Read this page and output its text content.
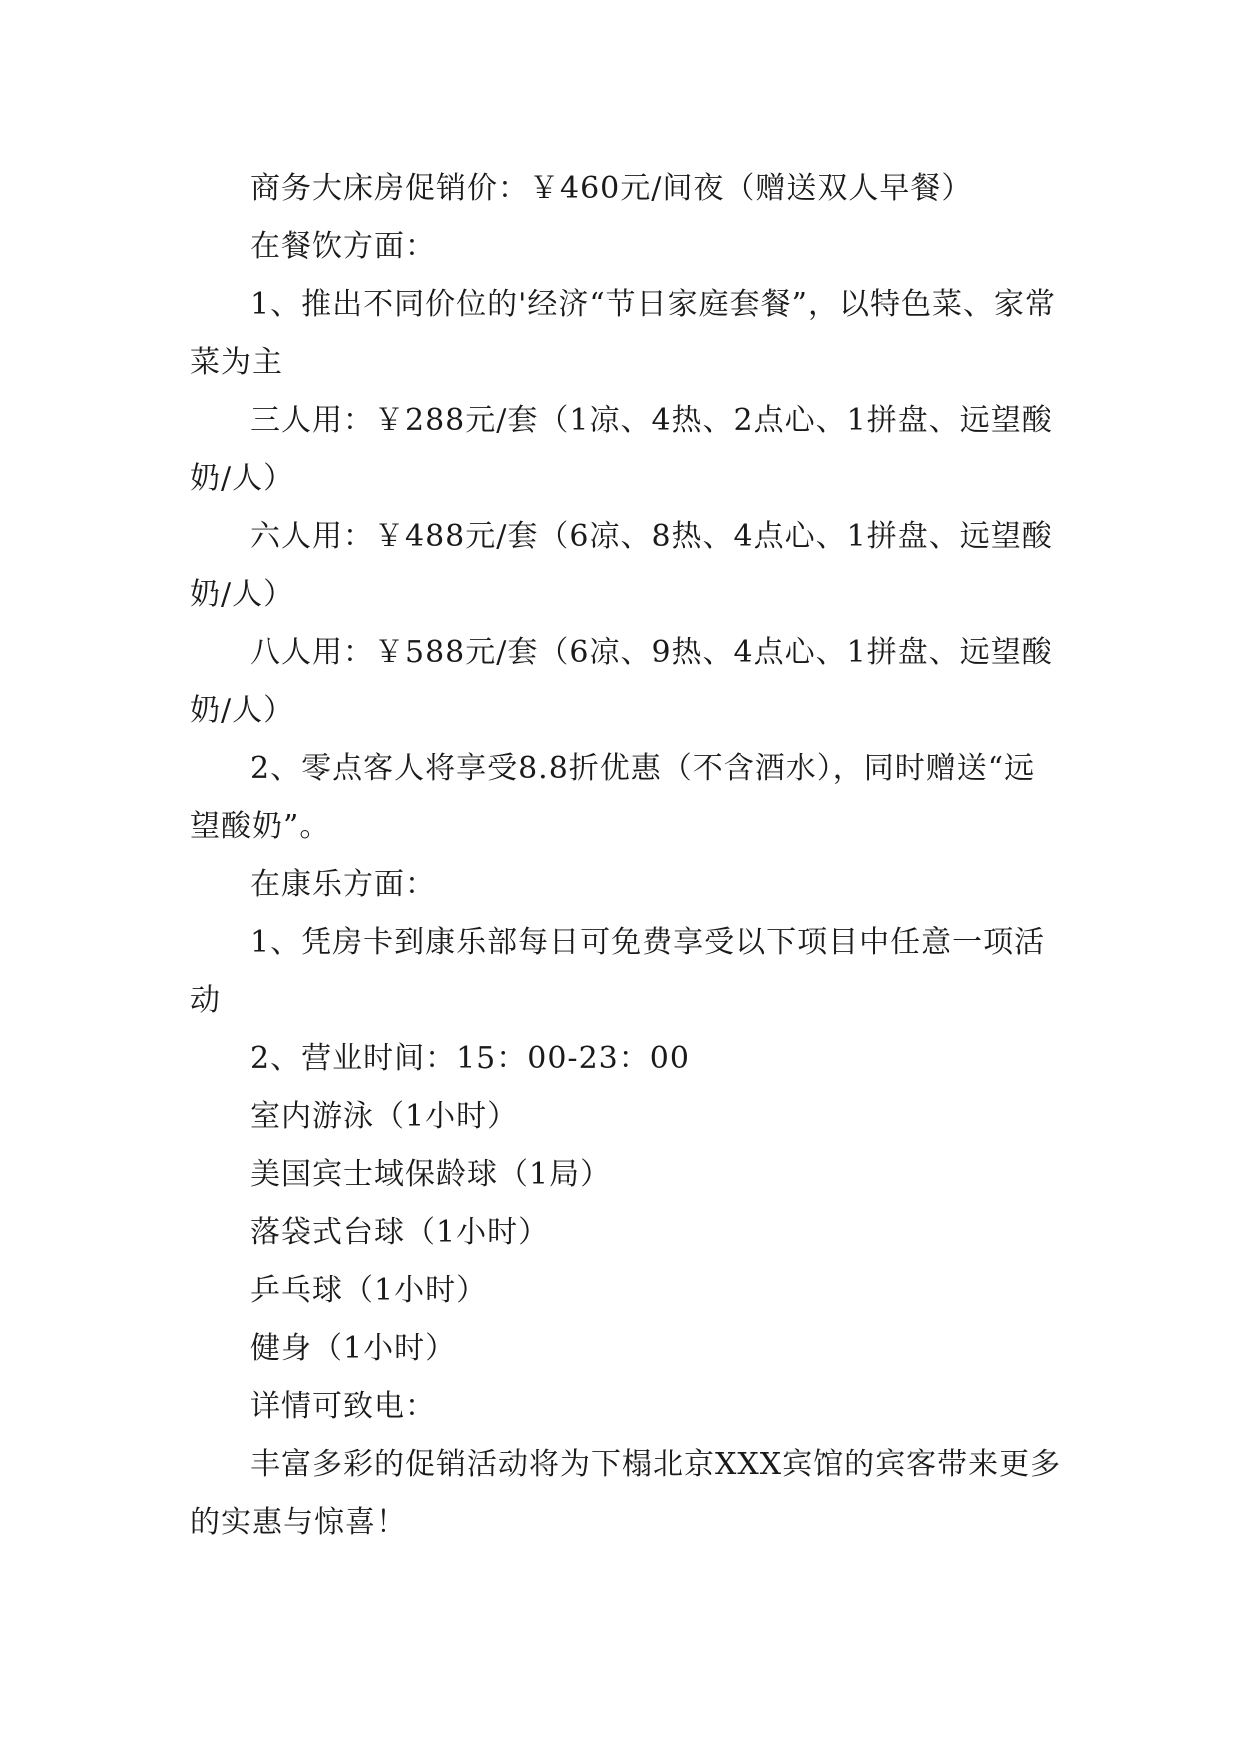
商务大床房促销价：￥460元/间夜（赠送双人早餐）

在餐饮方面：

1、推出不同价位的'经济“节日家庭套餐”，以特色菜、家常菜为主

三人用：￥288元/套（1凉、4热、2点心、1拼盘、远望酸奶/人）

六人用：￥488元/套（6凉、8热、4点心、1拼盘、远望酸奶/人）

八人用：￥588元/套（6凉、9热、4点心、1拼盘、远望酸奶/人）

2、零点客人将享受8.8折优惠（不含酒水），同时赠送“远望酸奶”。

在康乐方面：

1、凭房卡到康乐部每日可免费享受以下项目中任意一项活动

2、营业时间：15：00-23：00

室内游泳（1小时）

美国宾士域保龄球（1局）

落袋式台球（1小时）

乒乓球（1小时）

健身（1小时）

详情可致电：

丰富多彩的促销活动将为下榻北京XXX宾馆的宾客带来更多的实惠与惊喜！
